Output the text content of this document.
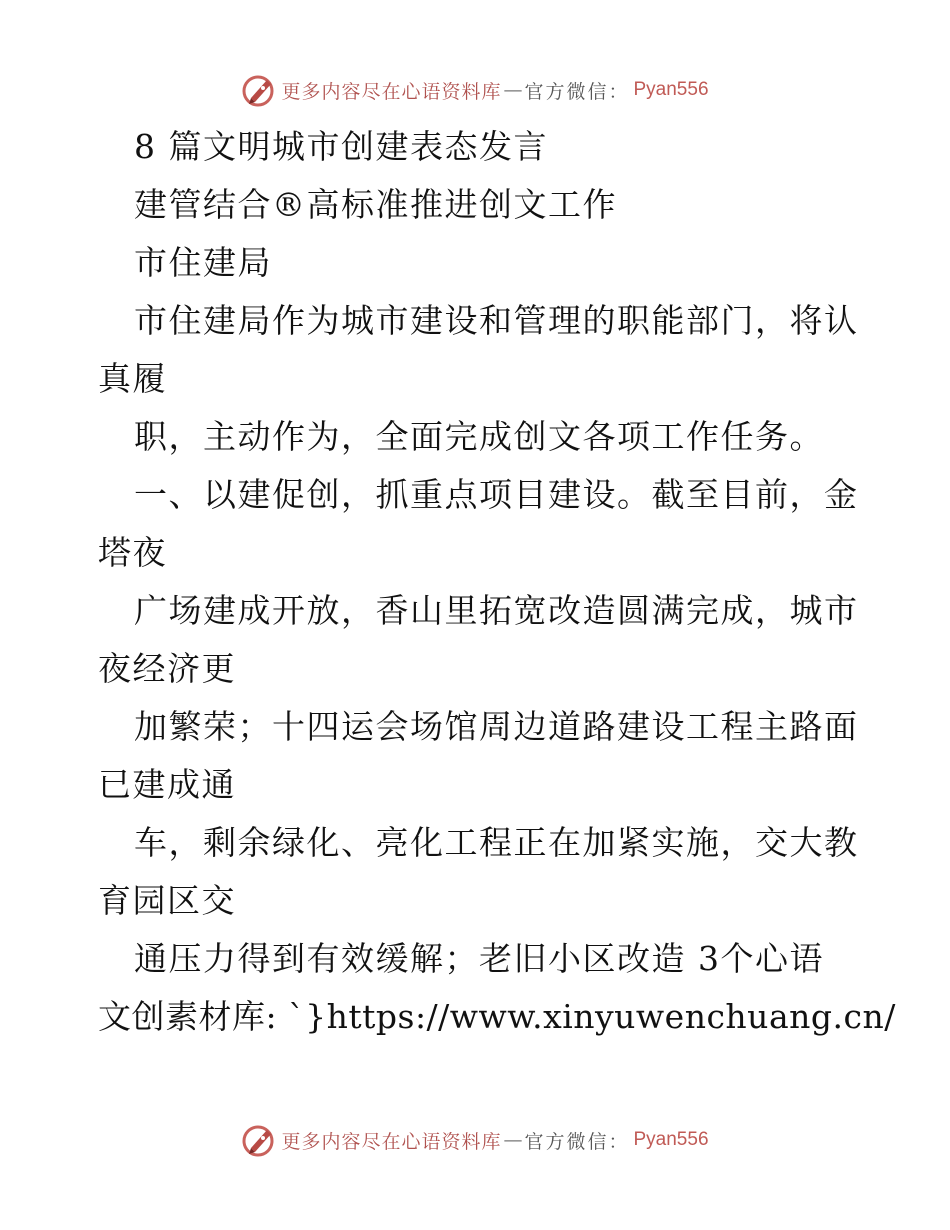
更多内容尽在心语资料库 — 官方微信： Pyan556
8 篇文明城市创建表态发言
建管结合®高标准推进创文工作
市住建局
市住建局作为城市建设和管理的职能部门，将认
真履
职，主动作为，全面完成创文各项工作任务。
一、以建促创，抓重点项目建设。截至目前，金
塔夜
广场建成开放，香山里拓宽改造圆满完成，城市
夜经济更
加繁荣；十四运会场馆周边道路建设工程主路面
已建成通
车，剩余绿化、亮化工程正在加紧实施，交大教
育园区交
通压力得到有效缓解；老旧小区改造 3个心语
文创素材库: `}https://www.xinyuwenchuang.cn/
更多内容尽在心语资料库 — 官方微信： Pyan556
